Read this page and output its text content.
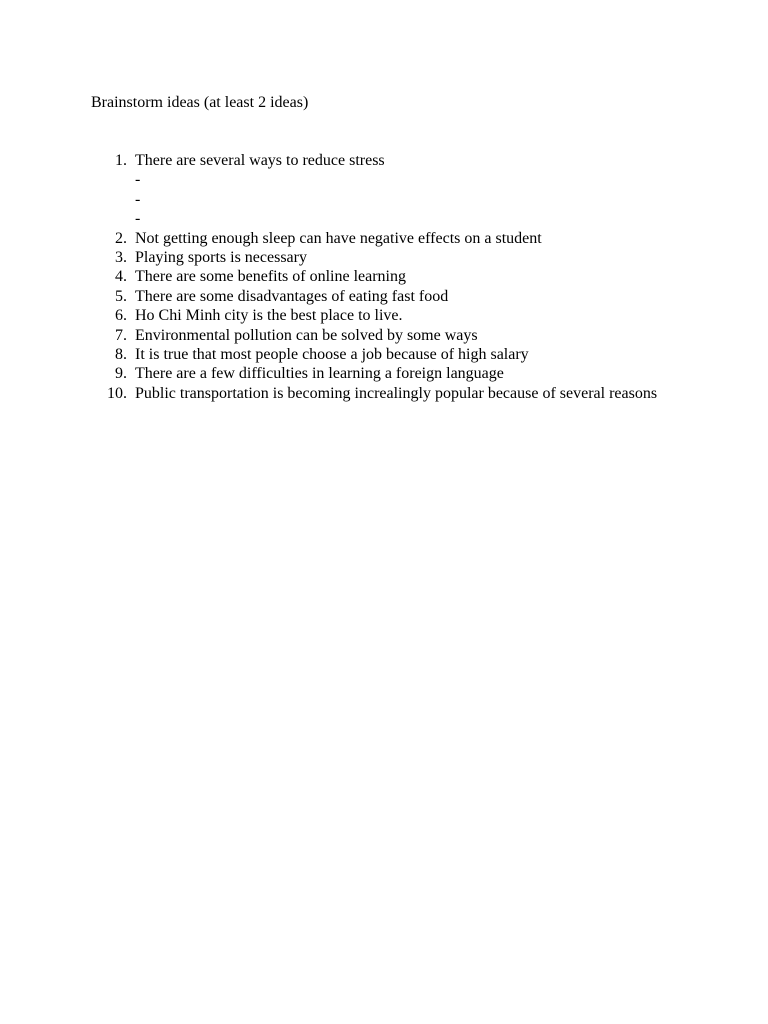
Brainstorm ideas (at least 2 ideas)
1. There are several ways to reduce stress
-
-
-
2. Not getting enough sleep can have negative effects on a student
3. Playing sports is necessary
4. There are some benefits of online learning
5. There are some disadvantages of eating fast food
6. Ho Chi Minh city is the best place to live.
7. Environmental pollution can be solved by some ways
8. It is true that most people choose a job because of high salary
9. There are a few difficulties in learning a foreign language
10. Public transportation is becoming increalingly popular because of several reasons
